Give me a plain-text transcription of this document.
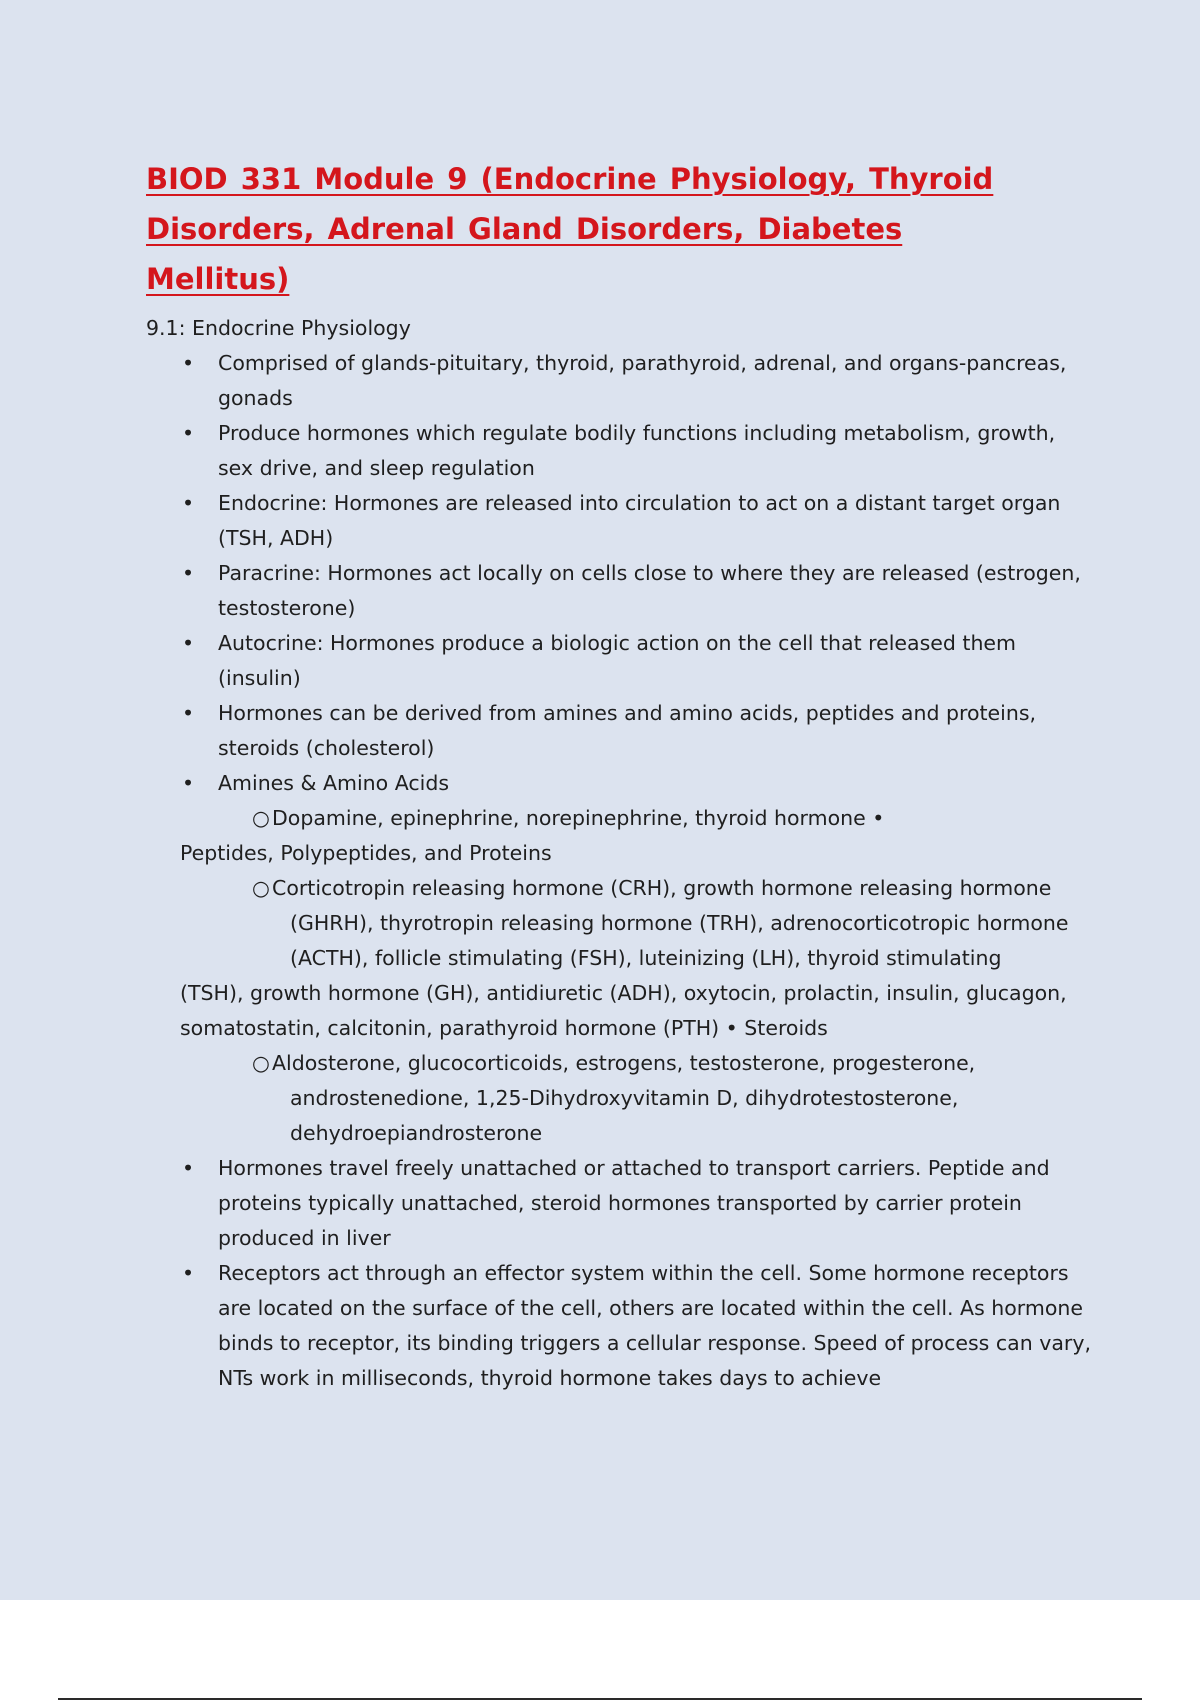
BIOD 331 Module 9 (Endocrine Physiology, Thyroid Disorders, Adrenal Gland Disorders, Diabetes Mellitus)
9.1: Endocrine Physiology
• Comprised of glands-pituitary, thyroid, parathyroid, adrenal, and organs-pancreas, gonads
• Produce hormones which regulate bodily functions including metabolism, growth, sex drive, and sleep regulation
• Endocrine: Hormones are released into circulation to act on a distant target organ (TSH, ADH)
• Paracrine: Hormones act locally on cells close to where they are released (estrogen, testosterone)
• Autocrine: Hormones produce a biologic action on the cell that released them (insulin)
• Hormones can be derived from amines and amino acids, peptides and proteins, steroids (cholesterol)
• Amines & Amino Acids
○ Dopamine, epinephrine, norepinephrine, thyroid hormone •
Peptides, Polypeptides, and Proteins
○ Corticotropin releasing hormone (CRH), growth hormone releasing hormone
(GHRH), thyrotropin releasing hormone (TRH), adrenocorticotropic hormone
(ACTH), follicle stimulating (FSH), luteinizing (LH), thyroid stimulating
(TSH), growth hormone (GH), antidiuretic (ADH), oxytocin, prolactin, insulin, glucagon,
somatostatin, calcitonin, parathyroid hormone (PTH) • Steroids
○ Aldosterone, glucocorticoids, estrogens, testosterone, progesterone,
androstenedione, 1,25-Dihydroxyvitamin D, dihydrotestosterone,
dehydroepiandrosterone
• Hormones travel freely unattached or attached to transport carriers. Peptide and proteins typically unattached, steroid hormones transported by carrier protein produced in liver
• Receptors act through an effector system within the cell. Some hormone receptors are located on the surface of the cell, others are located within the cell. As hormone binds to receptor, its binding triggers a cellular response. Speed of process can vary, NTs work in milliseconds, thyroid hormone takes days to achieve
